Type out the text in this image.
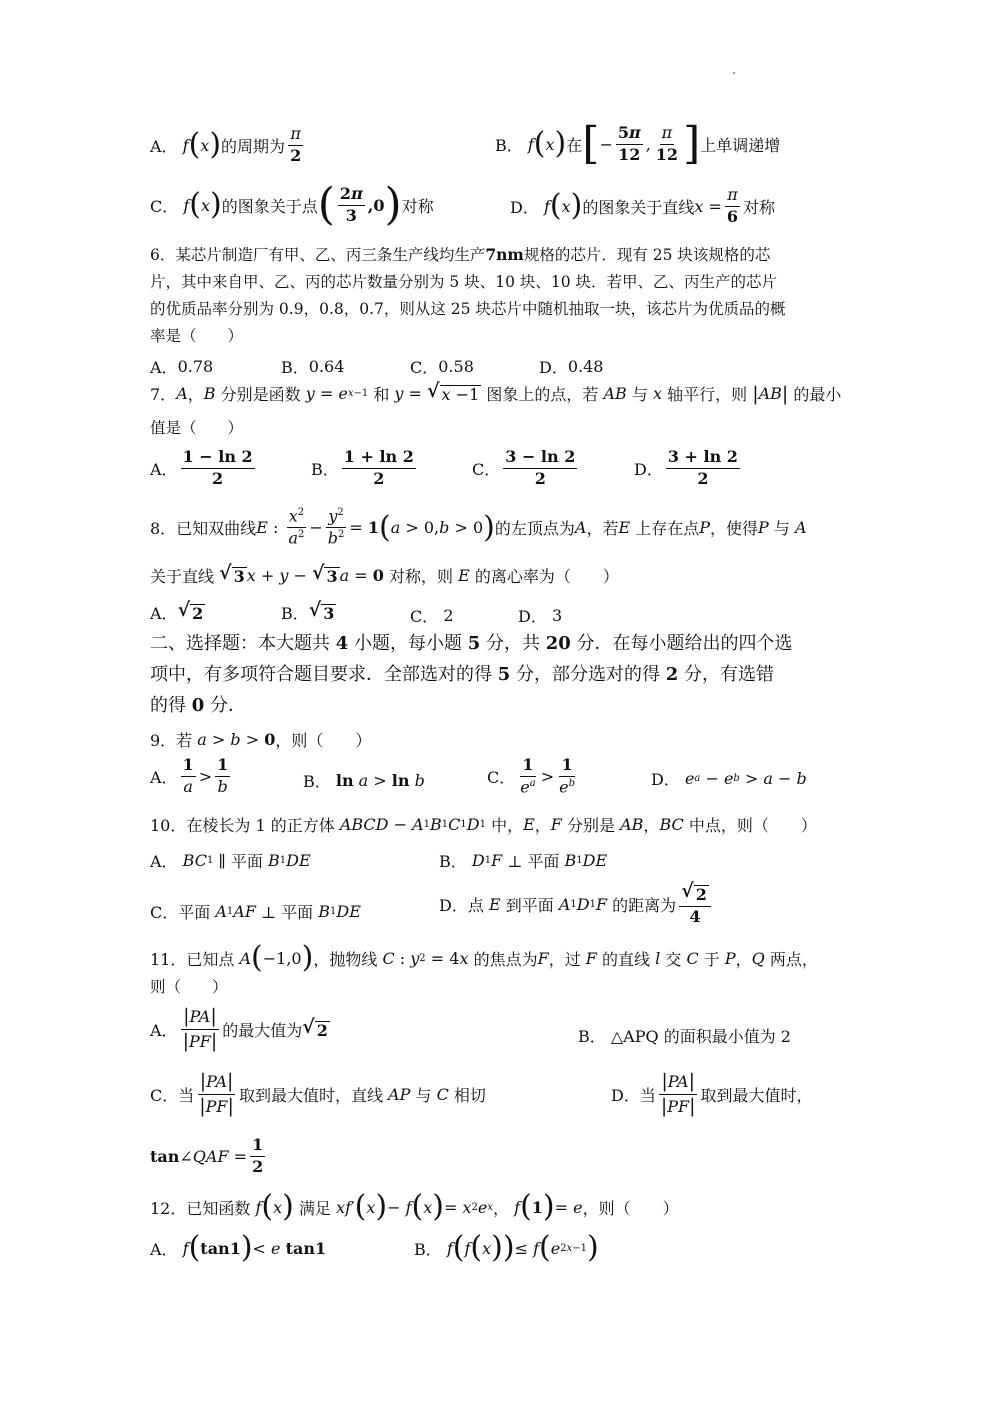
A．
f ( x ) 的周期为 $\frac{\pi}{2}$	B．
f ( x ) 在 [ − $\frac{5\pi}{12}$ , $\frac{\pi}{12}$ ] 上单调递增
C．
f ( x ) 的图象关于点 ( $\frac{2\pi}{3} ,0$ ) 对称	D．
f ( x ) 的图象关于直线 $x = \frac{\pi}{6}$ 对称
6．某芯片制造厂有甲、乙、丙三条生产线均生产7nm规格的芯片．现有 25 块该规格的芯
片，其中来自甲、乙、丙的芯片数量分别为 5 块、10 块、10 块．若甲、乙、丙生产的芯片
的优质品率分别为 0.9，0.8，0.7，则从这 25 块芯片中随机抽取一块，该芯片为优质品的概
率是（　　）
A． 0.78	B． 0.64	C． 0.58	D． 0.48
7． A ， B
分别是函数
y = e x−1
和
y = √ x −1
图象上的点，若
AB
与
x
轴平行，则
| AB |
的最小
值是（　　）
A． $\frac{1 - \ln 2}{2}$	B． $\frac{1 + \ln 2}{2}$	C． $\frac{3 - \ln 2}{2}$	D． $\frac{3 + \ln 2}{2}$
8．已知双曲线 E : $\frac{x^2}{a^2} - \frac{y^2}{b^2} = 1$ ( a > 0, b > 0 ) 的左顶点为 A ，若 E
上存在点 P ，使得 P
与
A
关于直线
√ 3 x + y − √ 3 a = 0
对称，则
E
的离心率为（　　）
A． √ 2	B． √ 3	C．
2	D．
3
二、选择题：本大题共 4 小题，每小题 5 分，共 20 分．在每小题给出的四个选
项中，有多项符合题目要求．全部选对的得 5 分，部分选对的得 2 分，有选错
的得 0 分．
9．若
a > b > 0 ，则（　　）
A． $\frac{1}{a} > \frac{1}{b}$	B．
ln
a > ln
b	C． $\frac{1}{e^a} > \frac{1}{e^b}$	D．
e a − e b > a − b
10．在棱长为 1 的正方体
ABCD − A 1 B 1 C 1 D 1
中， E ， F
分别是
AB ， BC
中点，则（　　）
A．
BC 1
∥ 平面
B 1 DE	B．
D 1 F
⊥ 平面
B 1 DE
C．平面
A 1 AF
⊥ 平面
B 1 DE	D．点
E
到平面
A 1 D 1 F
的距离为 $\frac{√ 2}{4}$
11．已知点
A ( −1,0 ) ，抛物线
C : y 2 = 4 x
的焦点为 F ，过
F
的直线
l
交
C
于
P ， Q
两点，
则（　　）
A． $\frac{|PA|}{|PF|}$ 的最大值为 √ 2	B．
△APQ 的面积最小值为 2
C．当 $\frac{|PA|}{|PF|}$ 取到最大值时，直线
AP
与
C
相切	D．当 $\frac{|PA|}{|PF|}$ 取到最大值时，
tan ∠ QAF = $\frac{1}{2}$
12．已知函数
f ( x )
满足
xf ′ ( x ) − f ( x ) = x 2 e x ，
f ( 1 ) = e ，则（　　）
A．
f ( tan1 ) < e
tan1	B．
f ( f ( x ) ) ≤ f ( e 2x−1 )
